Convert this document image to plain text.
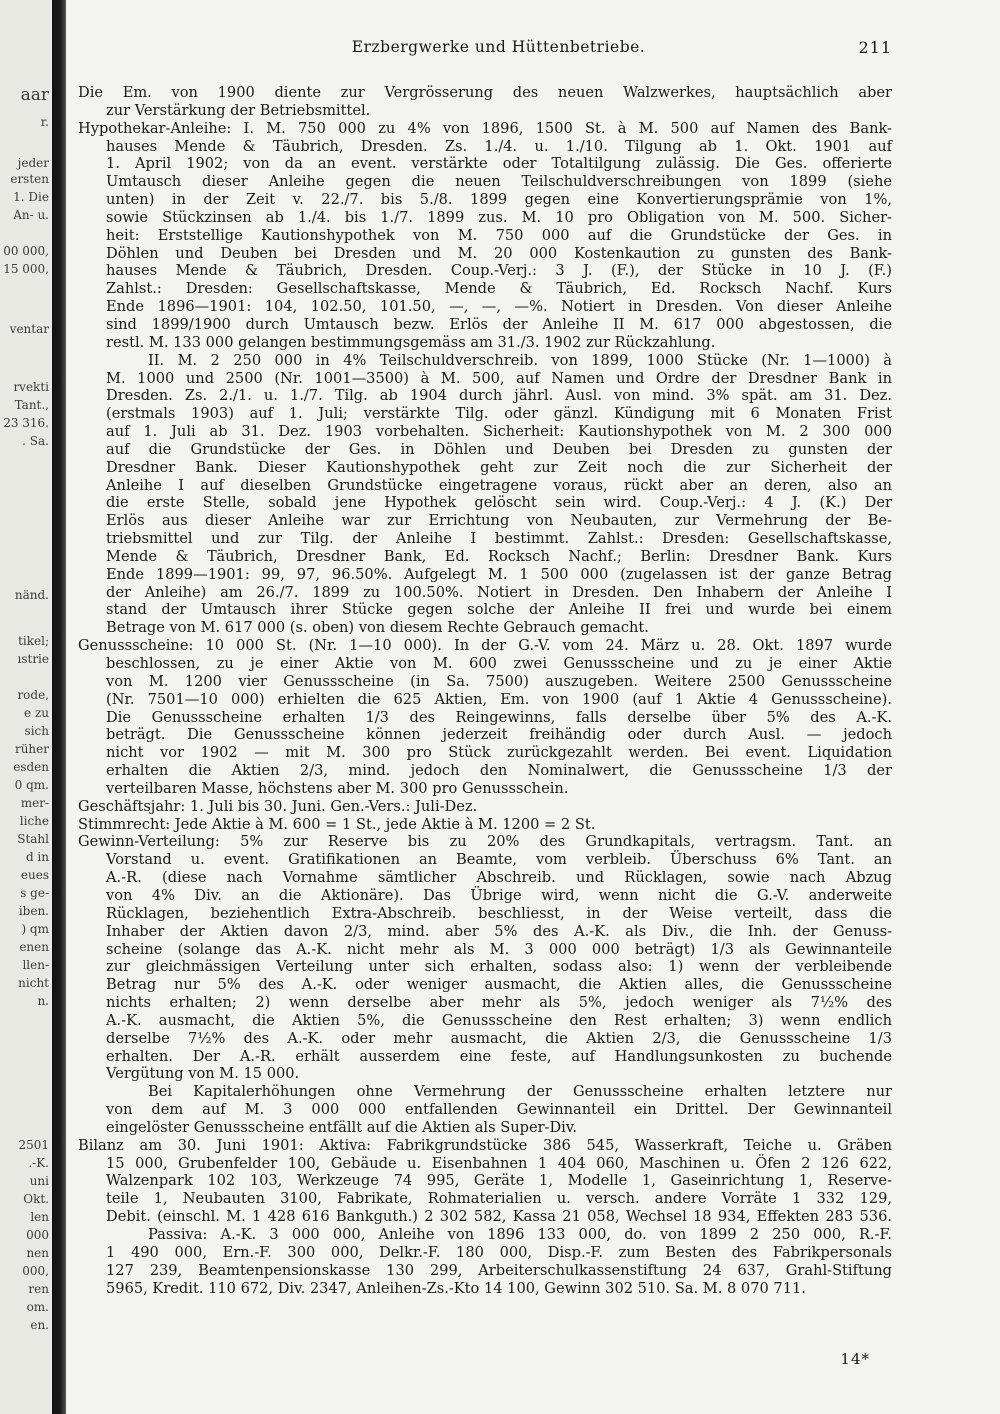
aar
r.
jeder
ersten
1. Die
An- u.
00 000,
15 000,
ventar
rvekti
Tant.,
23 316.
. Sa.
nänd.
tikel;
ıstrie
rode,
e zu
sich
rüher
esden
0 qm.
mer-
liche
Stahl
d in
eues
s ge-
iben.
) qm
enen
llen-
nicht
n.
2501
.-K.
uni
Okt.
len
000
nen
000,
ren
om.
en.
Erzbergwerke und Hüttenbetriebe.	211
Die Em. von 1900 diente zur Vergrösserung des neuen Walzwerkes, hauptsächlich aber
zur Verstärkung der Betriebsmittel.
Hypothekar-Anleihe: I. M. 750 000 zu 4% von 1896, 1500 St. à M. 500 auf Namen des Bank-
hauses Mende & Täubrich, Dresden. Zs. 1./4. u. 1./10. Tilgung ab 1. Okt. 1901 auf
1. April 1902; von da an event. verstärkte oder Totaltilgung zulässig. Die Ges. offerierte
Umtausch dieser Anleihe gegen die neuen Teilschuldverschreibungen von 1899 (siehe
unten) in der Zeit v. 22./7. bis 5./8. 1899 gegen eine Konvertierungsprämie von 1%,
sowie Stückzinsen ab 1./4. bis 1./7. 1899 zus. M. 10 pro Obligation von M. 500. Sicher-
heit: Erststellige Kautionshypothek von M. 750 000 auf die Grundstücke der Ges. in
Döhlen und Deuben bei Dresden und M. 20 000 Kostenkaution zu gunsten des Bank-
hauses Mende & Täubrich, Dresden. Coup.-Verj.: 3 J. (F.), der Stücke in 10 J. (F.)
Zahlst.: Dresden: Gesellschaftskasse, Mende & Täubrich, Ed. Rocksch Nachf. Kurs
Ende 1896—1901: 104, 102.50, 101.50, —, —, —%. Notiert in Dresden. Von dieser Anleihe
sind 1899/1900 durch Umtausch bezw. Erlös der Anleihe II M. 617 000 abgestossen, die
restl. M. 133 000 gelangen bestimmungsgemäss am 31./3. 1902 zur Rückzahlung.
II. M. 2 250 000 in 4% Teilschuldverschreib. von 1899, 1000 Stücke (Nr. 1—1000) à
M. 1000 und 2500 (Nr. 1001—3500) à M. 500, auf Namen und Ordre der Dresdner Bank in
Dresden. Zs. 2./1. u. 1./7. Tilg. ab 1904 durch jährl. Ausl. von mind. 3% spät. am 31. Dez.
(erstmals 1903) auf 1. Juli; verstärkte Tilg. oder gänzl. Kündigung mit 6 Monaten Frist
auf 1. Juli ab 31. Dez. 1903 vorbehalten. Sicherheit: Kautionshypothek von M. 2 300 000
auf die Grundstücke der Ges. in Döhlen und Deuben bei Dresden zu gunsten der
Dresdner Bank. Dieser Kautionshypothek geht zur Zeit noch die zur Sicherheit der
Anleihe I auf dieselben Grundstücke eingetragene voraus, rückt aber an deren, also an
die erste Stelle, sobald jene Hypothek gelöscht sein wird. Coup.-Verj.: 4 J. (K.) Der
Erlös aus dieser Anleihe war zur Errichtung von Neubauten, zur Vermehrung der Be-
triebsmittel und zur Tilg. der Anleihe I bestimmt. Zahlst.: Dresden: Gesellschaftskasse,
Mende & Täubrich, Dresdner Bank, Ed. Rocksch Nachf.; Berlin: Dresdner Bank. Kurs
Ende 1899—1901: 99, 97, 96.50%. Aufgelegt M. 1 500 000 (zugelassen ist der ganze Betrag
der Anleihe) am 26./7. 1899 zu 100.50%. Notiert in Dresden. Den Inhabern der Anleihe I
stand der Umtausch ihrer Stücke gegen solche der Anleihe II frei und wurde bei einem
Betrage von M. 617 000 (s. oben) von diesem Rechte Gebrauch gemacht.
Genussscheine: 10 000 St. (Nr. 1—10 000). In der G.-V. vom 24. März u. 28. Okt. 1897 wurde
beschlossen, zu je einer Aktie von M. 600 zwei Genussscheine und zu je einer Aktie
von M. 1200 vier Genussscheine (in Sa. 7500) auszugeben. Weitere 2500 Genussscheine
(Nr. 7501—10 000) erhielten die 625 Aktien, Em. von 1900 (auf 1 Aktie 4 Genussscheine).
Die Genussscheine erhalten 1/3 des Reingewinns, falls derselbe über 5% des A.-K.
beträgt. Die Genussscheine können jederzeit freihändig oder durch Ausl. — jedoch
nicht vor 1902 — mit M. 300 pro Stück zurückgezahlt werden. Bei event. Liquidation
erhalten die Aktien 2/3, mind. jedoch den Nominalwert, die Genussscheine 1/3 der
verteilbaren Masse, höchstens aber M. 300 pro Genussschein.
Geschäftsjahr: 1. Juli bis 30. Juni. Gen.-Vers.: Juli-Dez.
Stimmrecht: Jede Aktie à M. 600 = 1 St., jede Aktie à M. 1200 = 2 St.
Gewinn-Verteilung: 5% zur Reserve bis zu 20% des Grundkapitals, vertragsm. Tant. an
Vorstand u. event. Gratifikationen an Beamte, vom verbleib. Überschuss 6% Tant. an
A.-R. (diese nach Vornahme sämtlicher Abschreib. und Rücklagen, sowie nach Abzug
von 4% Div. an die Aktionäre). Das Übrige wird, wenn nicht die G.-V. anderweite
Rücklagen, beziehentlich Extra-Abschreib. beschliesst, in der Weise verteilt, dass die
Inhaber der Aktien davon 2/3, mind. aber 5% des A.-K. als Div., die Inh. der Genuss-
scheine (solange das A.-K. nicht mehr als M. 3 000 000 beträgt) 1/3 als Gewinnanteile
zur gleichmässigen Verteilung unter sich erhalten, sodass also: 1) wenn der verbleibende
Betrag nur 5% des A.-K. oder weniger ausmacht, die Aktien alles, die Genussscheine
nichts erhalten; 2) wenn derselbe aber mehr als 5%, jedoch weniger als 7½% des
A.-K. ausmacht, die Aktien 5%, die Genussscheine den Rest erhalten; 3) wenn endlich
derselbe 7½% des A.-K. oder mehr ausmacht, die Aktien 2/3, die Genussscheine 1/3
erhalten. Der A.-R. erhält ausserdem eine feste, auf Handlungsunkosten zu buchende
Vergütung von M. 15 000.
Bei Kapitalerhöhungen ohne Vermehrung der Genussscheine erhalten letztere nur
von dem auf M. 3 000 000 entfallenden Gewinnanteil ein Drittel. Der Gewinnanteil
eingelöster Genussscheine entfällt auf die Aktien als Super-Div.
Bilanz am 30. Juni 1901: Aktiva: Fabrikgrundstücke 386 545, Wasserkraft, Teiche u. Gräben
15 000, Grubenfelder 100, Gebäude u. Eisenbahnen 1 404 060, Maschinen u. Öfen 2 126 622,
Walzenpark 102 103, Werkzeuge 74 995, Geräte 1, Modelle 1, Gaseinrichtung 1, Reserve-
teile 1, Neubauten 3100, Fabrikate, Rohmaterialien u. versch. andere Vorräte 1 332 129,
Debit. (einschl. M. 1 428 616 Bankguth.) 2 302 582, Kassa 21 058, Wechsel 18 934, Effekten 283 536.
Passiva: A.-K. 3 000 000, Anleihe von 1896 133 000, do. von 1899 2 250 000, R.-F.
1 490 000, Ern.-F. 300 000, Delkr.-F. 180 000, Disp.-F. zum Besten des Fabrikpersonals
127 239, Beamtenpensionskasse 130 299, Arbeiterschulkassenstiftung 24 637, Grahl-Stiftung
5965, Kredit. 110 672, Div. 2347, Anleihen-Zs.-Kto 14 100, Gewinn 302 510. Sa. M. 8 070 711.
14*
